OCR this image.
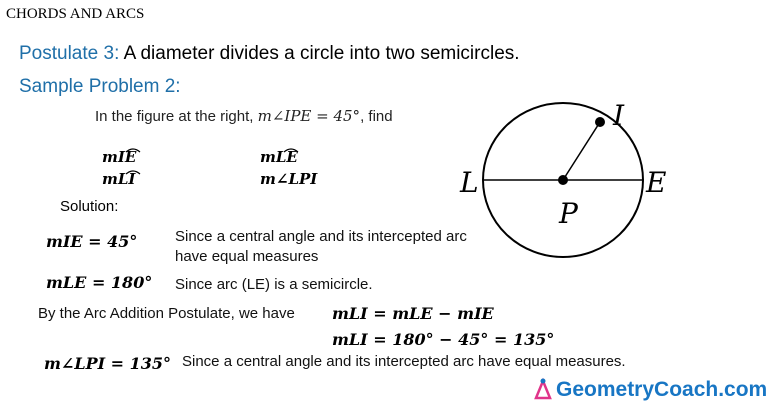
CHORDS AND ARCS
Postulate 3: A diameter divides a circle into two semicircles.
Sample Problem 2:
In the figure at the right, m∠IPE = 45°, find
mIE
mLI
mLE
m∠LPI
I
L	E
P
Solution:
mIE = 45°	Since a central angle and its intercepted arc
have equal measures
mLE = 180° Since arc (LE) is a semicircle.
By the Arc Addition Postulate, we have mLI = mLE − mIE
mLI = 180° − 45° = 135°
m∠LPI = 135° Since a central angle and its intercepted arc have equal measures.
GeometryCoach.com
